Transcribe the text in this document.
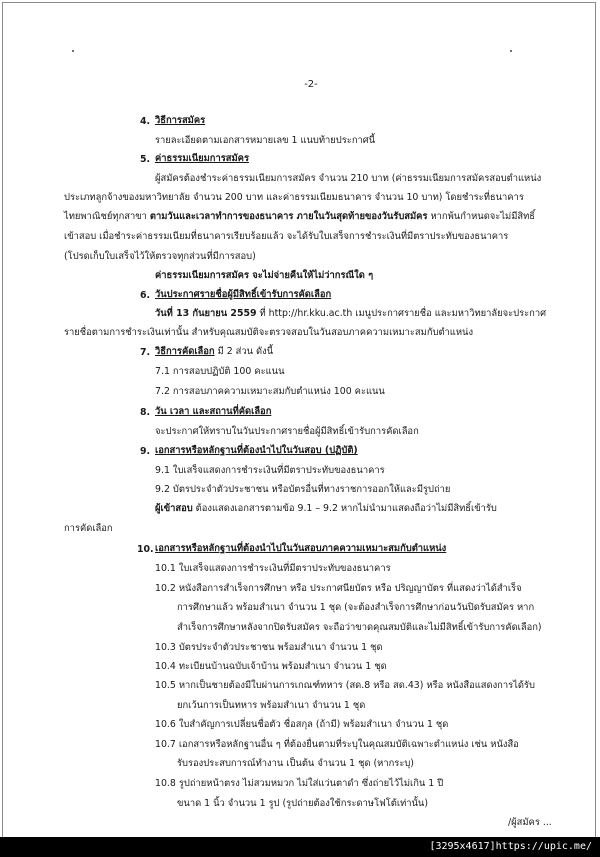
-2-
4. วิธีการสมัคร
รายละเอียดตามเอกสารหมายเลข 1 แนบท้ายประกาศนี้
5. ค่าธรรมเนียมการสมัคร
ผู้สมัครต้องชำระค่าธรรมเนียมการสมัคร จำนวน 210 บาท (ค่าธรรมเนียมการสมัครสอบตำแหน่ง
ประเภทลูกจ้างของมหาวิทยาลัย จำนวน 200 บาท และค่าธรรมเนียมธนาคาร จำนวน 10 บาท) โดยชำระที่ธนาคาร
ไทยพาณิชย์ทุกสาขา ตามวันและเวลาทำการของธนาคาร ภายในวันสุดท้ายของวันรับสมัคร หากพ้นกำหนดจะไม่มีสิทธิ์
เข้าสอบ เมื่อชำระค่าธรรมเนียมที่ธนาคารเรียบร้อยแล้ว จะได้รับใบเสร็จการชำระเงินที่มีตราประทับของธนาคาร
(โปรดเก็บใบเสร็จไว้ให้ตรวจทุกส่วนที่มีการสอบ)
ค่าธรรมเนียมการสมัคร จะไม่จ่ายคืนให้ไม่ว่ากรณีใด ๆ
6. วันประกาศรายชื่อผู้มีสิทธิ์เข้ารับการคัดเลือก
วันที่ 13 กันยายน 2559 ที่ http://hr.kku.ac.th เมนูประกาศรายชื่อ และมหาวิทยาลัยจะประกาศ
รายชื่อตามการชำระเงินเท่านั้น สำหรับคุณสมบัติจะตรวจสอบในวันสอบภาคความเหมาะสมกับตำแหน่ง
7. วิธีการคัดเลือก มี 2 ส่วน ดังนี้
7.1 การสอบปฏิบัติ 100 คะแนน
7.2 การสอบภาคความเหมาะสมกับตำแหน่ง 100 คะแนน
8. วัน เวลา และสถานที่คัดเลือก
จะประกาศให้ทราบในวันประกาศรายชื่อผู้มีสิทธิ์เข้ารับการคัดเลือก
9. เอกสารหรือหลักฐานที่ต้องนำไปในวันสอบ (ปฏิบัติ)
9.1 ใบเสร็จแสดงการชำระเงินที่มีตราประทับของธนาคาร
9.2 บัตรประจำตัวประชาชน หรือบัตรอื่นที่ทางราชการออกให้และมีรูปถ่าย
ผู้เข้าสอบ ต้องแสดงเอกสารตามข้อ 9.1 – 9.2 หากไม่นำมาแสดงถือว่าไม่มีสิทธิ์เข้ารับ
การคัดเลือก
10. เอกสารหรือหลักฐานที่ต้องนำไปในวันสอบภาคความเหมาะสมกับตำแหน่ง
10.1 ใบเสร็จแสดงการชำระเงินที่มีตราประทับของธนาคาร
10.2 หนังสือการสำเร็จการศึกษา หรือ ประกาศนียบัตร หรือ ปริญญาบัตร ที่แสดงว่าได้สำเร็จ
การศึกษาแล้ว พร้อมสำเนา จำนวน 1 ชุด (จะต้องสำเร็จการศึกษาก่อนวันปิดรับสมัคร หาก
สำเร็จการศึกษาหลังจากปิดรับสมัคร จะถือว่าขาดคุณสมบัติและไม่มีสิทธิ์เข้ารับการคัดเลือก)
10.3 บัตรประจำตัวประชาชน พร้อมสำเนา จำนวน 1 ชุด
10.4 ทะเบียนบ้านฉบับเจ้าบ้าน พร้อมสำเนา จำนวน 1 ชุด
10.5 หากเป็นชายต้องมีใบผ่านการเกณฑ์ทหาร (สด.8 หรือ สด.43) หรือ หนังสือแสดงการได้รับ
ยกเว้นการเป็นทหาร พร้อมสำเนา จำนวน 1 ชุด
10.6 ใบสำคัญการเปลี่ยนชื่อตัว ชื่อสกุล (ถ้ามี) พร้อมสำเนา จำนวน 1 ชุด
10.7 เอกสารหรือหลักฐานอื่น ๆ ที่ต้องยื่นตามที่ระบุในคุณสมบัติเฉพาะตำแหน่ง เช่น หนังสือ
รับรองประสบการณ์ทำงาน เป็นต้น จำนวน 1 ชุด (หากระบุ)
10.8 รูปถ่ายหน้าตรง ไม่สวมหมวก ไม่ใส่แว่นตาดำ ซึ่งถ่ายไว้ไม่เกิน 1 ปี
ขนาด 1 นิ้ว จำนวน 1 รูป (รูปถ่ายต้องใช้กระดาษโฟโต้เท่านั้น)
/ผู้สมัคร ...
[3295x4617]https://upic.me/
